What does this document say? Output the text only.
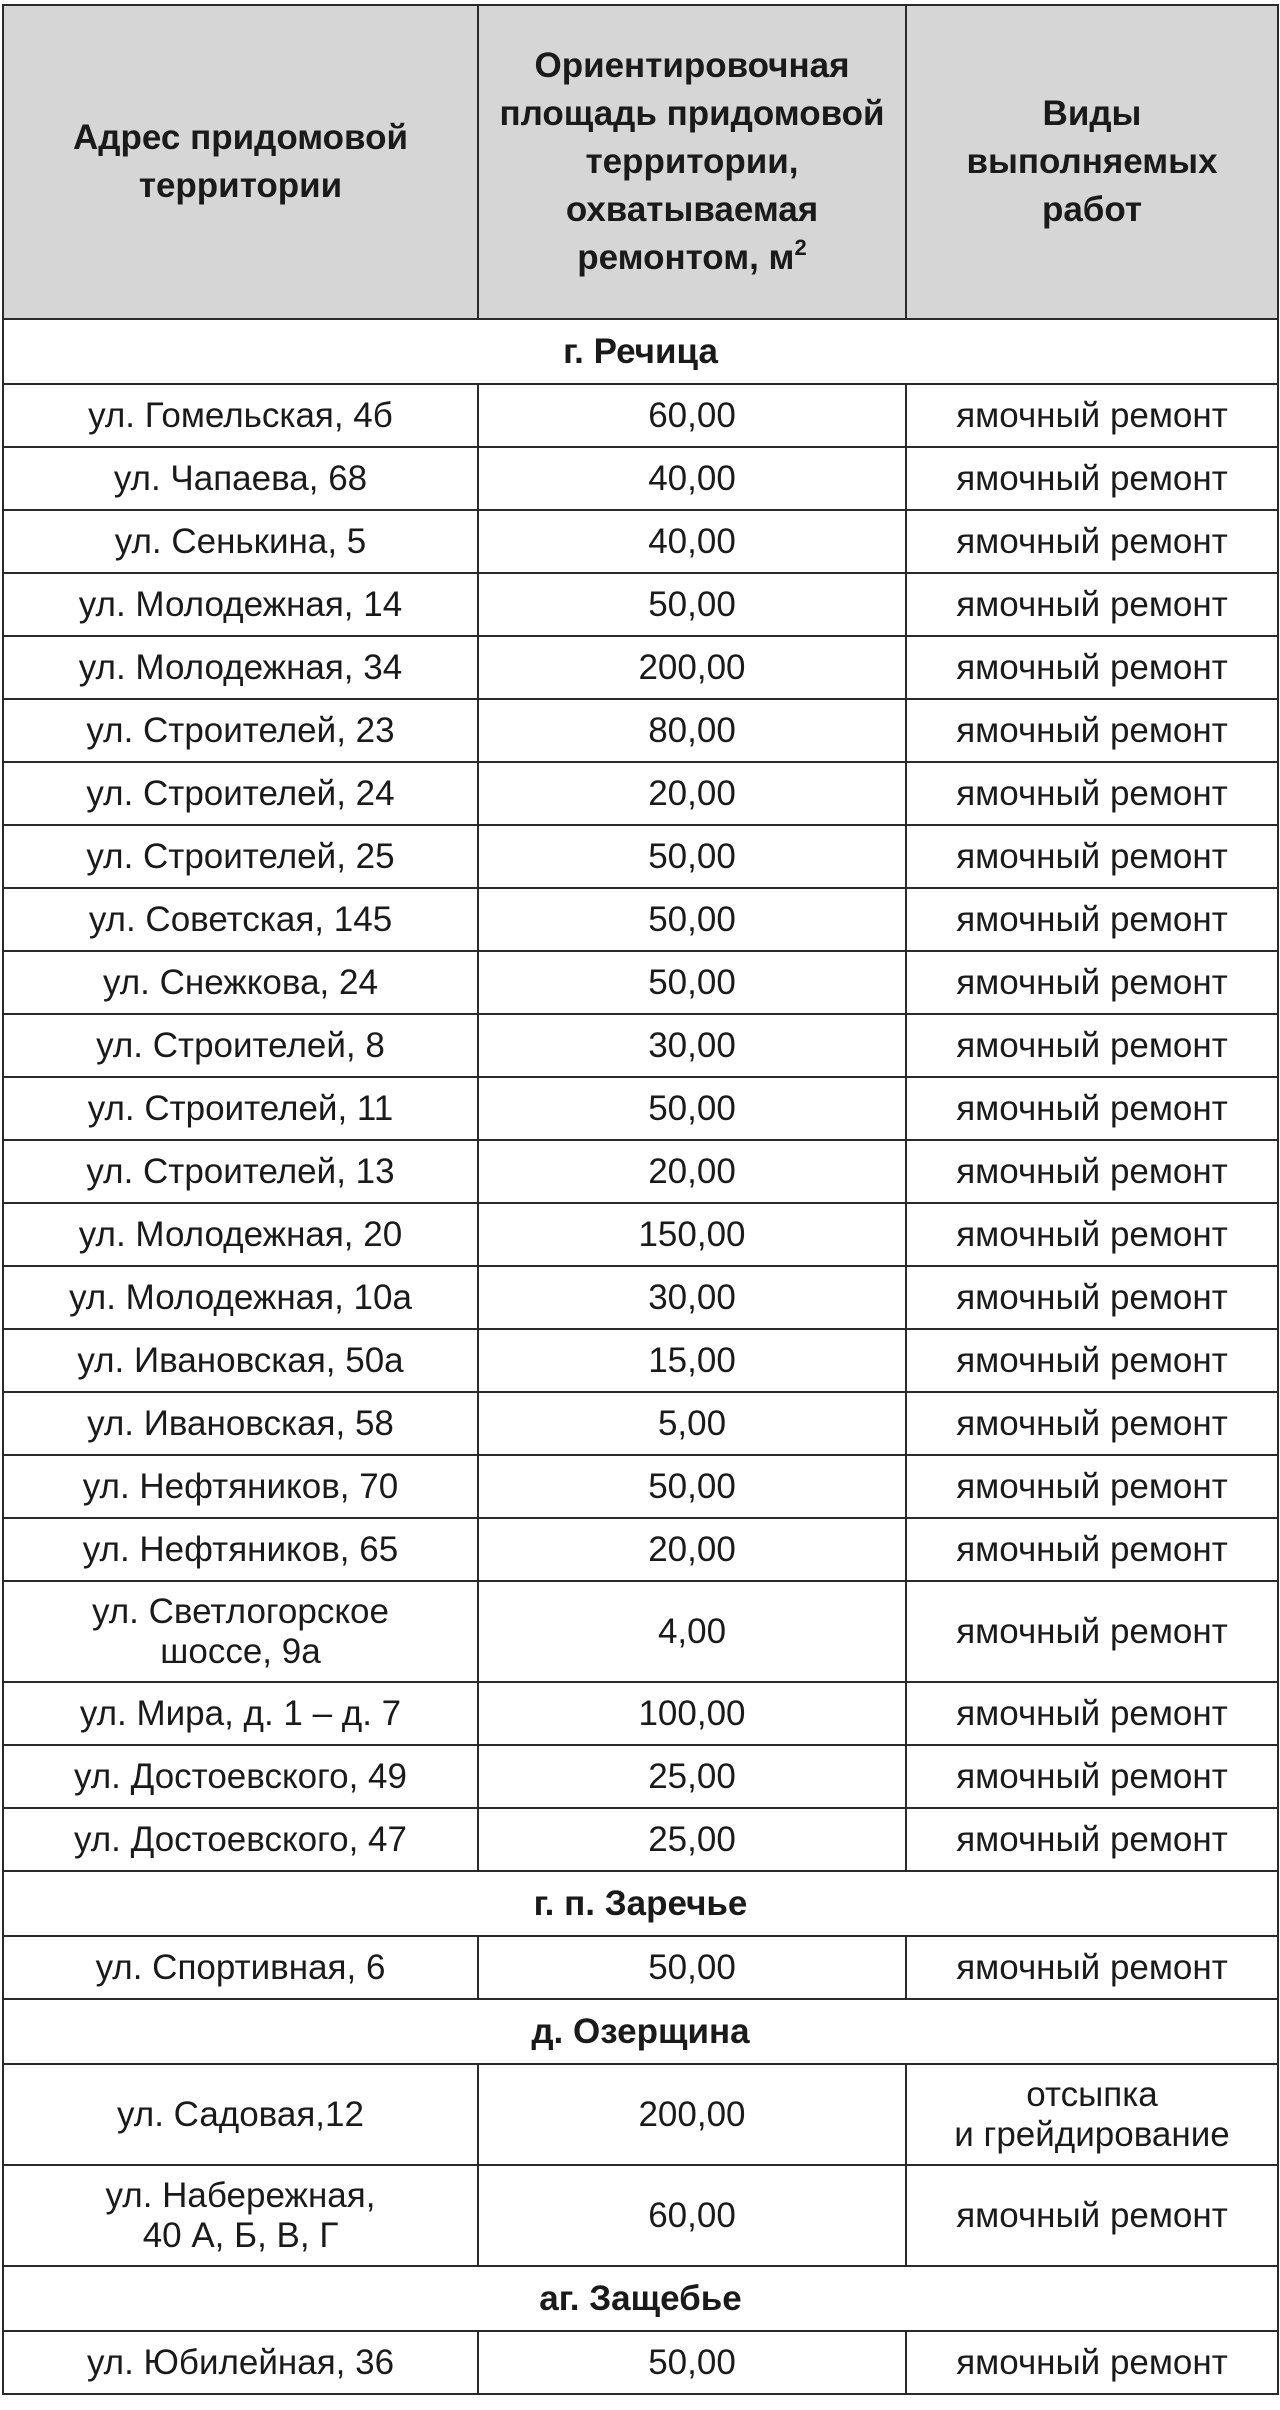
Адрес придомовой территории	Ориентировочная площадь придомовой территории, охватываемая ремонтом, $м^2$	Виды выполняемых работ
г. Речица		
ул. Гомельская, 4б	60,00	ямочный ремонт
ул. Чапаева, 68	40,00	ямочный ремонт
ул. Сенькина, 5	40,00	ямочный ремонт
ул. Молодежная, 14	50,00	ямочный ремонт
ул. Молодежная, 34	200,00	ямочный ремонт
ул. Строителей, 23	80,00	ямочный ремонт
ул. Строителей, 24	20,00	ямочный ремонт
ул. Строителей, 25	50,00	ямочный ремонт
ул. Советская, 145	50,00	ямочный ремонт
ул. Снежкова, 24	50,00	ямочный ремонт
ул. Строителей, 8	30,00	ямочный ремонт
ул. Строителей, 11	50,00	ямочный ремонт
ул. Строителей, 13	20,00	ямочный ремонт
ул. Молодежная, 20	150,00	ямочный ремонт
ул. Молодежная, 10а	30,00	ямочный ремонт
ул. Ивановская, 50а	15,00	ямочный ремонт
ул. Ивановская, 58	5,00	ямочный ремонт
ул. Нефтяников, 70	50,00	ямочный ремонт
ул. Нефтяников, 65	20,00	ямочный ремонт

ул. Светлогорское
шоссе, 9а	4,00	ямочный ремонт
ул. Мира, д. 1 – д. 7	100,00	ямочный ремонт
ул. Достоевского, 49	25,00	ямочный ремонт
ул. Достоевского, 47	25,00	ямочный ремонт
г. п. Заречье		
ул. Спортивная, 6	50,00	ямочный ремонт
д. Озерщина		
ул. Садовая,12	200,00	отсыпка
и грейдирование

ул. Набережная,
40 А, Б, В, Г	60,00	ямочный ремонт
аг. Защебье		
ул. Юбилейная, 36	50,00	ямочный ремонт
